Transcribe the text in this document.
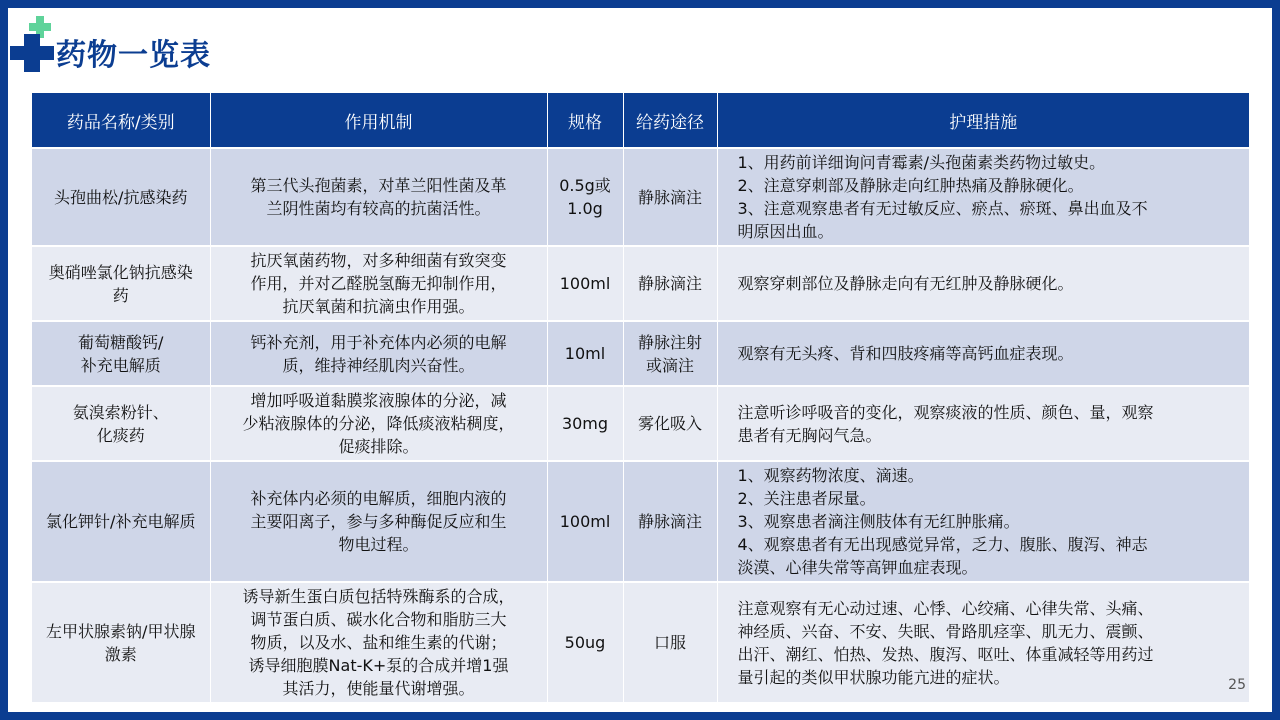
药物一览表
药品名称/类别	作用机制	规格	给药途径	护理措施

头孢曲松/抗感染药	第三代头孢菌素，对革兰阳性菌及革
兰阴性菌均有较高的抗菌活性。	0.5g或
1.0g	静脉滴注	1、用药前详细询问青霉素/头孢菌素类药物过敏史。
2、注意穿刺部及静脉走向红肿热痛及静脉硬化。
3、注意观察患者有无过敏反应、瘀点、瘀斑、鼻出血及不
明原因出血。

奥硝唑氯化钠抗感染
药	抗厌氧菌药物，对多种细菌有致突变
作用，并对乙醛脱氢酶无抑制作用，
抗厌氧菌和抗滴虫作用强。	100ml	静脉滴注	观察穿刺部位及静脉走向有无红肿及静脉硬化。

葡萄糖酸钙/
补充电解质	钙补充剂，用于补充体内必须的电解
质，维持神经肌肉兴奋性。	10ml	静脉注射
或滴注	观察有无头疼、背和四肢疼痛等高钙血症表现。

氨溴索粉针、
化痰药	增加呼吸道黏膜浆液腺体的分泌，减
少粘液腺体的分泌，降低痰液粘稠度，
促痰排除。	30mg	雾化吸入	注意听诊呼吸音的变化，观察痰液的性质、颜色、量，观察
患者有无胸闷气急。

氯化钾针/补充电解质	补充体内必须的电解质，细胞内液的
主要阳离子，参与多种酶促反应和生
物电过程。	100ml	静脉滴注	1、观察药物浓度、滴速。
2、关注患者尿量。
3、观察患者滴注侧肢体有无红肿胀痛。
4、观察患者有无出现感觉异常，乏力、腹胀、腹泻、神志
淡漠、心律失常等高钾血症表现。

左甲状腺素钠/甲状腺
激素	诱导新生蛋白质包括特殊酶系的合成，
调节蛋白质、碳水化合物和脂肪三大
物质，以及水、盐和维生素的代谢；
诱导细胞膜Nat-K+泵的合成并增1强
其活力，使能量代谢增强。	50ug	口服	注意观察有无心动过速、心悸、心绞痛、心律失常、头痛、
神经质、兴奋、不安、失眠、骨路肌痉挛、肌无力、震颤、
出汗、潮红、怕热、发热、腹泻、呕吐、体重减轻等用药过
量引起的类似甲状腺功能亢进的症状。	25
